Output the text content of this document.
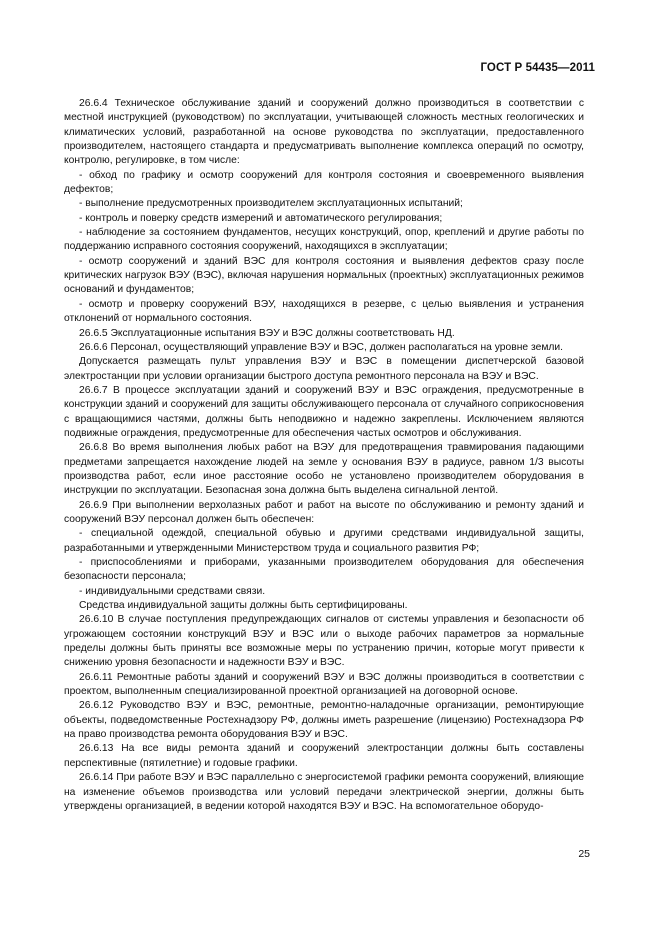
ГОСТ Р 54435—2011

26.6.4 Техническое обслуживание зданий и сооружений должно производиться в соответствии с местной инструкцией (руководством) по эксплуатации, учитывающей сложность местных геологических и климатических условий, разработанной на основе руководства по эксплуатации, предоставленного производителем, настоящего стандарта и предусматривать выполнение комплекса операций по осмотру, контролю, регулировке, в том числе:

- обход по графику и осмотр сооружений для контроля состояния и своевременного выявления дефектов;

- выполнение предусмотренных производителем эксплуатационных испытаний;

- контроль и поверку средств измерений и автоматического регулирования;

- наблюдение за состоянием фундаментов, несущих конструкций, опор, креплений и другие работы по поддержанию исправного состояния сооружений, находящихся в эксплуатации;

- осмотр сооружений и зданий ВЭС для контроля состояния и выявления дефектов сразу после критических нагрузок ВЭУ (ВЭС), включая нарушения нормальных (проектных) эксплуатационных режимов оснований и фундаментов;

- осмотр и проверку сооружений ВЭУ, находящихся в резерве, с целью выявления и устранения отклонений от нормального состояния.

26.6.5 Эксплуатационные испытания ВЭУ и ВЭС должны соответствовать НД.

26.6.6 Персонал, осуществляющий управление ВЭУ и ВЭС, должен располагаться на уровне земли.

Допускается размещать пульт управления ВЭУ и ВЭС в помещении диспетчерской базовой электростанции при условии организации быстрого доступа ремонтного персонала на ВЭУ и ВЭС.

26.6.7 В процессе эксплуатации зданий и сооружений ВЭУ и ВЭС ограждения, предусмотренные в конструкции зданий и сооружений для защиты обслуживающего персонала от случайного соприкосновения с вращающимися частями, должны быть неподвижно и надежно закреплены. Исключением являются подвижные ограждения, предусмотренные для обеспечения частых осмотров и обслуживания.

26.6.8 Во время выполнения любых работ на ВЭУ для предотвращения травмирования падающими предметами запрещается нахождение людей на земле у основания ВЭУ в радиусе, равном 1/3 высоты производства работ, если иное расстояние особо не установлено производителем оборудования в инструкции по эксплуатации. Безопасная зона должна быть выделена сигнальной лентой.

26.6.9 При выполнении верхолазных работ и работ на высоте по обслуживанию и ремонту зданий и сооружений ВЭУ персонал должен быть обеспечен:

- специальной одеждой, специальной обувью и другими средствами индивидуальной защиты, разработанными и утвержденными Министерством труда и социального развития РФ;

- приспособлениями и приборами, указанными производителем оборудования для обеспечения безопасности персонала;

- индивидуальными средствами связи.

Средства индивидуальной защиты должны быть сертифицированы.

26.6.10 В случае поступления предупреждающих сигналов от системы управления и безопасности об угрожающем состоянии конструкций ВЭУ и ВЭС или о выходе рабочих параметров за нормальные пределы должны быть приняты все возможные меры по устранению причин, которые могут привести к снижению уровня безопасности и надежности ВЭУ и ВЭС.

26.6.11 Ремонтные работы зданий и сооружений ВЭУ и ВЭС должны производиться в соответствии с проектом, выполненным специализированной проектной организацией на договорной основе.

26.6.12 Руководство ВЭУ и ВЭС, ремонтные, ремонтно-наладочные организации, ремонтирующие объекты, подведомственные Ростехнадзору РФ, должны иметь разрешение (лицензию) Ростехнадзора РФ на право производства ремонта оборудования ВЭУ и ВЭС.

26.6.13 На все виды ремонта зданий и сооружений электростанции должны быть составлены перспективные (пятилетние) и годовые графики.

26.6.14 При работе ВЭУ и ВЭС параллельно с энергосистемой графики ремонта сооружений, влияющие на изменение объемов производства или условий передачи электрической энергии, должны быть утверждены организацией, в ведении которой находятся ВЭУ и ВЭС. На вспомогательное оборудо-

25
